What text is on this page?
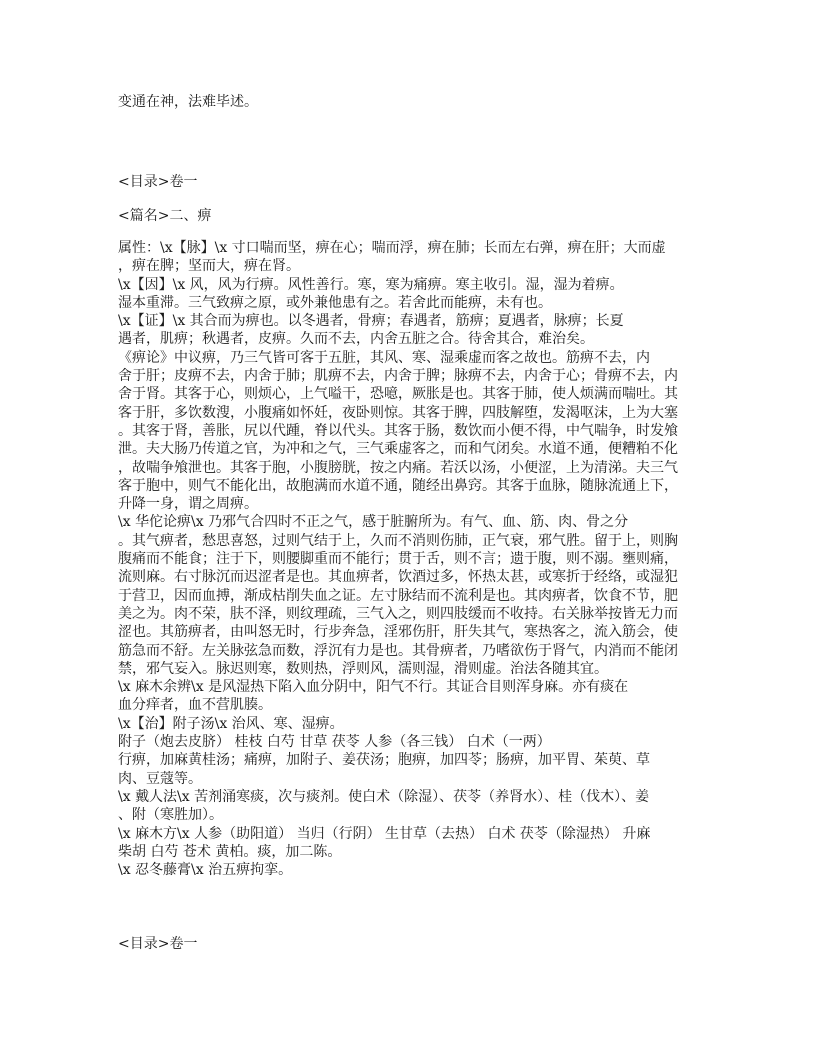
变通在神，法难毕述。
<目录>卷一
<篇名>二、痹
属性：\x【脉】\x 寸口喘而坚，痹在心；喘而浮，痹在肺；长而左右弹，痹在肝；大而虚
，痹在脾；坚而大，痹在肾。
\x【因】\x 风，风为行痹。风性善行。寒，寒为痛痹。寒主收引。湿，湿为着痹。
湿本重滞。三气致痹之原，或外兼他患有之。若舍此而能痹，未有也。
\x【证】\x 其合而为痹也。以冬遇者，骨痹；春遇者，筋痹；夏遇者，脉痹；长夏
遇者，肌痹；秋遇者，皮痹。久而不去，内舍五脏之合。待舍其合，难治矣。
《痹论》中议痹，乃三气皆可客于五脏，其风、寒、湿乘虚而客之故也。筋痹不去，内
舍于肝；皮痹不去，内舍于肺；肌痹不去，内舍于脾；脉痹不去，内舍于心；骨痹不去，内
舍于肾。其客于心，则烦心，上气嗌干，恐噫，厥胀是也。其客于肺，使人烦满而喘吐。其
客于肝，多饮数溲，小腹痛如怀妊，夜卧则惊。其客于脾，四肢解堕，发渴呕沫，上为大塞
。其客于肾，善胀，尻以代踵，脊以代头。其客于肠，数饮而小便不得，中气喘争，时发飧
泄。夫大肠乃传道之官，为冲和之气，三气乘虚客之，而和气闭矣。水道不通，便糟粕不化
，故喘争飧泄也。其客于胞，小腹膀胱，按之内痛。若沃以汤，小便涩，上为清涕。夫三气
客于胞中，则气不能化出，故胞满而水道不通，随经出鼻窍。其客于血脉，随脉流通上下，
升降一身，谓之周痹。
\x 华佗论痹\x 乃邪气合四时不正之气，感于脏腑所为。有气、血、筋、肉、骨之分
。其气痹者，愁思喜怒，过则气结于上，久而不消则伤肺，正气衰，邪气胜。留于上，则胸
腹痛而不能食；注于下，则腰脚重而不能行；贯于舌，则不言；遗于腹，则不溺。壅则痛，
流则麻。右寸脉沉而迟涩者是也。其血痹者，饮酒过多，怀热太甚，或寒折于经络，或湿犯
于营卫，因而血搏，渐成枯削失血之证。左寸脉结而不流利是也。其肉痹者，饮食不节，肥
美之为。肉不荣，肤不泽，则纹理疏，三气入之，则四肢缓而不收持。右关脉举按皆无力而
涩也。其筋痹者，由叫怒无时，行步奔急，淫邪伤肝，肝失其气，寒热客之，流入筋会，使
筋急而不舒。左关脉弦急而数，浮沉有力是也。其骨痹者，乃嗜欲伤于肾气，内消而不能闭
禁，邪气妄入。脉迟则寒，数则热，浮则风，濡则湿，滑则虚。治法各随其宜。
\x 麻木余辨\x 是风湿热下陷入血分阴中，阳气不行。其证合目则浑身麻。亦有痰在
血分痒者，血不营肌腠。
\x【治】附子汤\x 治风、寒、湿痹。
附子（炮去皮脐） 桂枝 白芍 甘草 茯苓 人参（各三钱） 白术（一两）
行痹，加麻黄桂汤；痛痹，加附子、姜茯汤；胞痹，加四苓；肠痹，加平胃、茱萸、草
肉、豆蔻等。
\x 戴人法\x 苦剂涌寒痰，次与痰剂。使白术（除湿）、茯苓（养肾水）、桂（伐木）、姜
、附（寒胜加）。
\x 麻木方\x 人参（助阳道） 当归（行阴） 生甘草（去热） 白术 茯苓（除湿热） 升麻
柴胡 白芍 苍术 黄柏。痰，加二陈。
\x 忍冬藤膏\x 治五痹拘挛。
<目录>卷一
